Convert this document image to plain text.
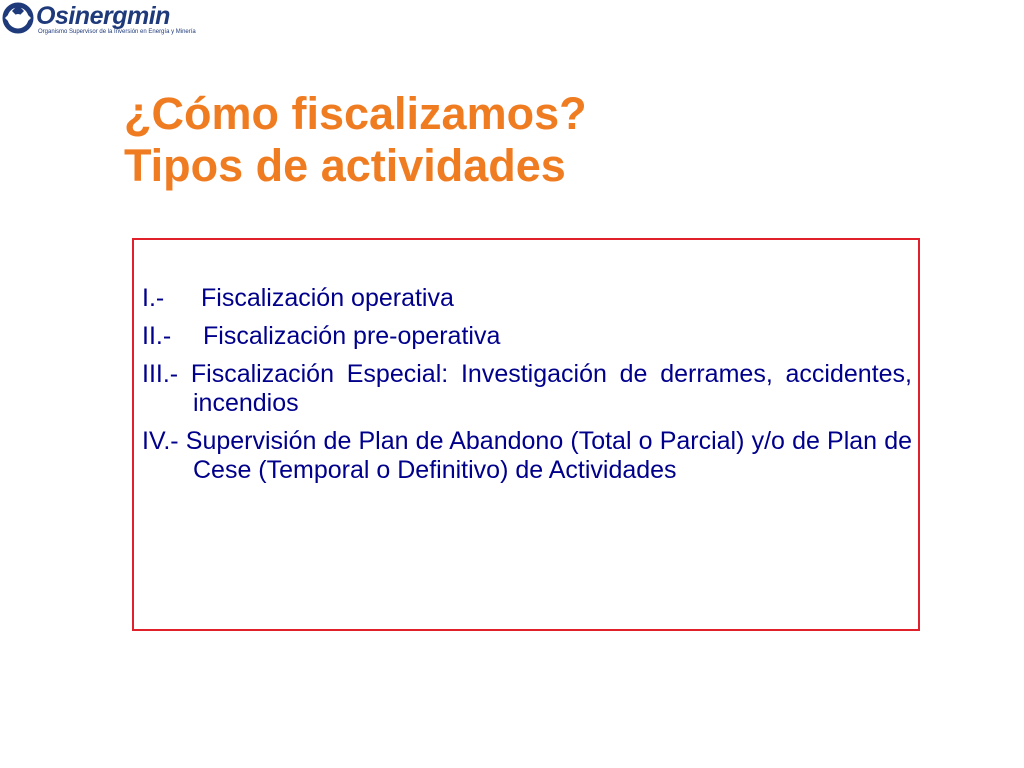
Osinergmin
Organismo Supervisor de la Inversión en Energía y Minería
¿Cómo fiscalizamos?
Tipos de actividades
I.- Fiscalización operativa
II.- Fiscalización pre-operativa
III.- Fiscalización Especial: Investigación de derrames, accidentes, incendios
IV.- Supervisión de Plan de Abandono (Total o Parcial) y/o de Plan de Cese (Temporal o Definitivo) de Actividades
